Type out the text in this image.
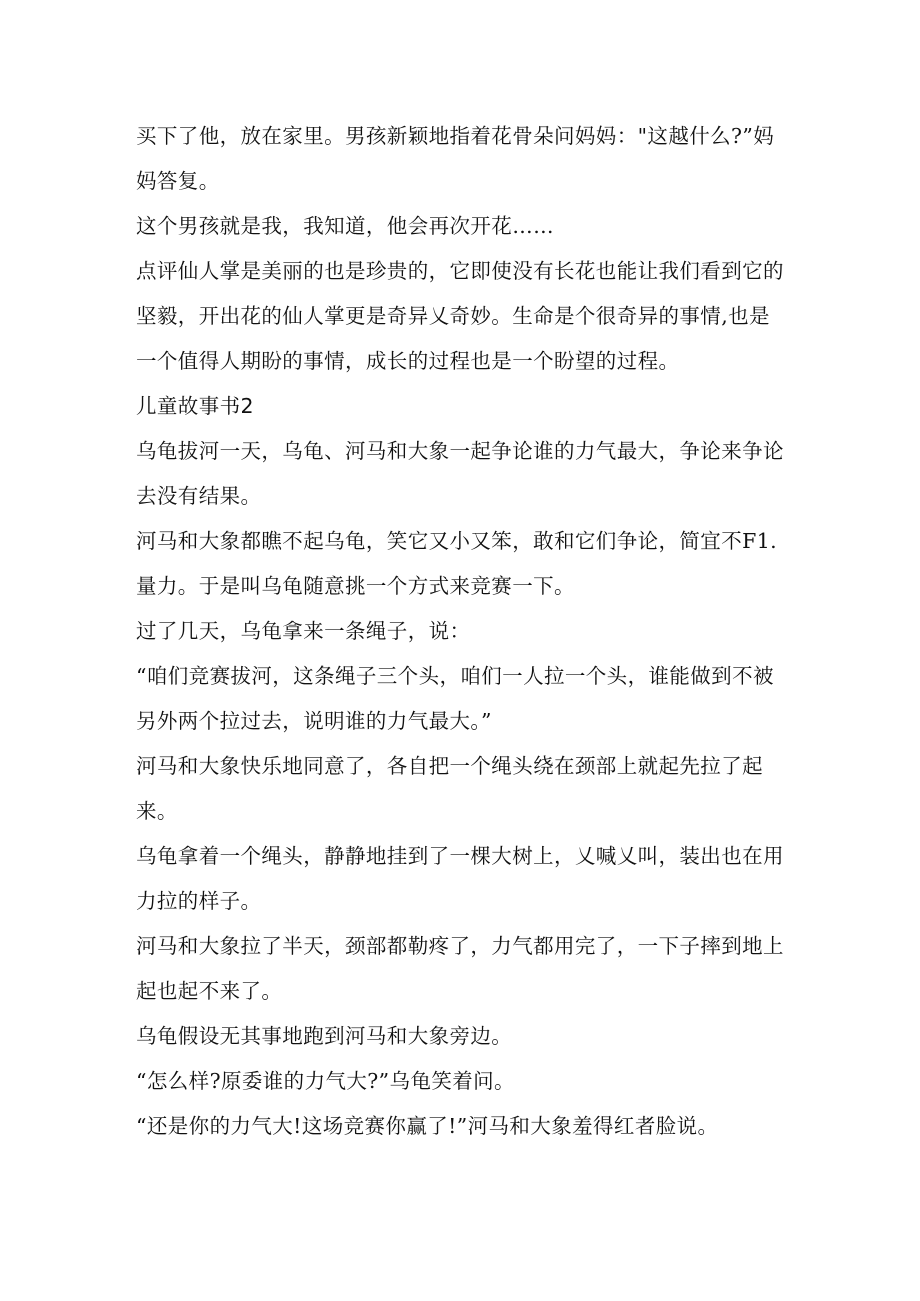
买下了他，放在家里。男孩新颖地指着花骨朵问妈妈："这越什么?”妈妈答复。

这个男孩就是我，我知道，他会再次开花……

点评仙人掌是美丽的也是珍贵的，它即使没有长花也能让我们看到它的坚毅，开出花的仙人掌更是奇异乂奇妙。生命是个很奇异的事情,也是一个值得人期盼的事情，成长的过程也是一个盼望的过程。

儿童故事书2

乌龟拔河一天，乌龟、河马和大象一起争论谁的力气最大，争论来争论去没有结果。

河马和大象都瞧不起乌龟，笑它又小又笨，敢和它们争论，简宜不F1.量力。于是叫乌龟随意挑一个方式来竞赛一下。

过了几天，乌龟拿来一条绳子，说：

“咱们竞赛拔河，这条绳子三个头，咱们一人拉一个头，谁能做到不被另外两个拉过去，说明谁的力气最大。”

河马和大象快乐地同意了，各自把一个绳头绕在颈部上就起先拉了起来。

乌龟拿着一个绳头，静静地挂到了一棵大树上，乂喊乂叫，装出也在用力拉的样子。

河马和大象拉了半天，颈部都勒疼了，力气都用完了，一下子摔到地上起也起不来了。

乌龟假设无其事地跑到河马和大象旁边。

“怎么样?原委谁的力气大?”乌龟笑着问。

“还是你的力气大!这场竞赛你赢了!”河马和大象羞得红者脸说。
